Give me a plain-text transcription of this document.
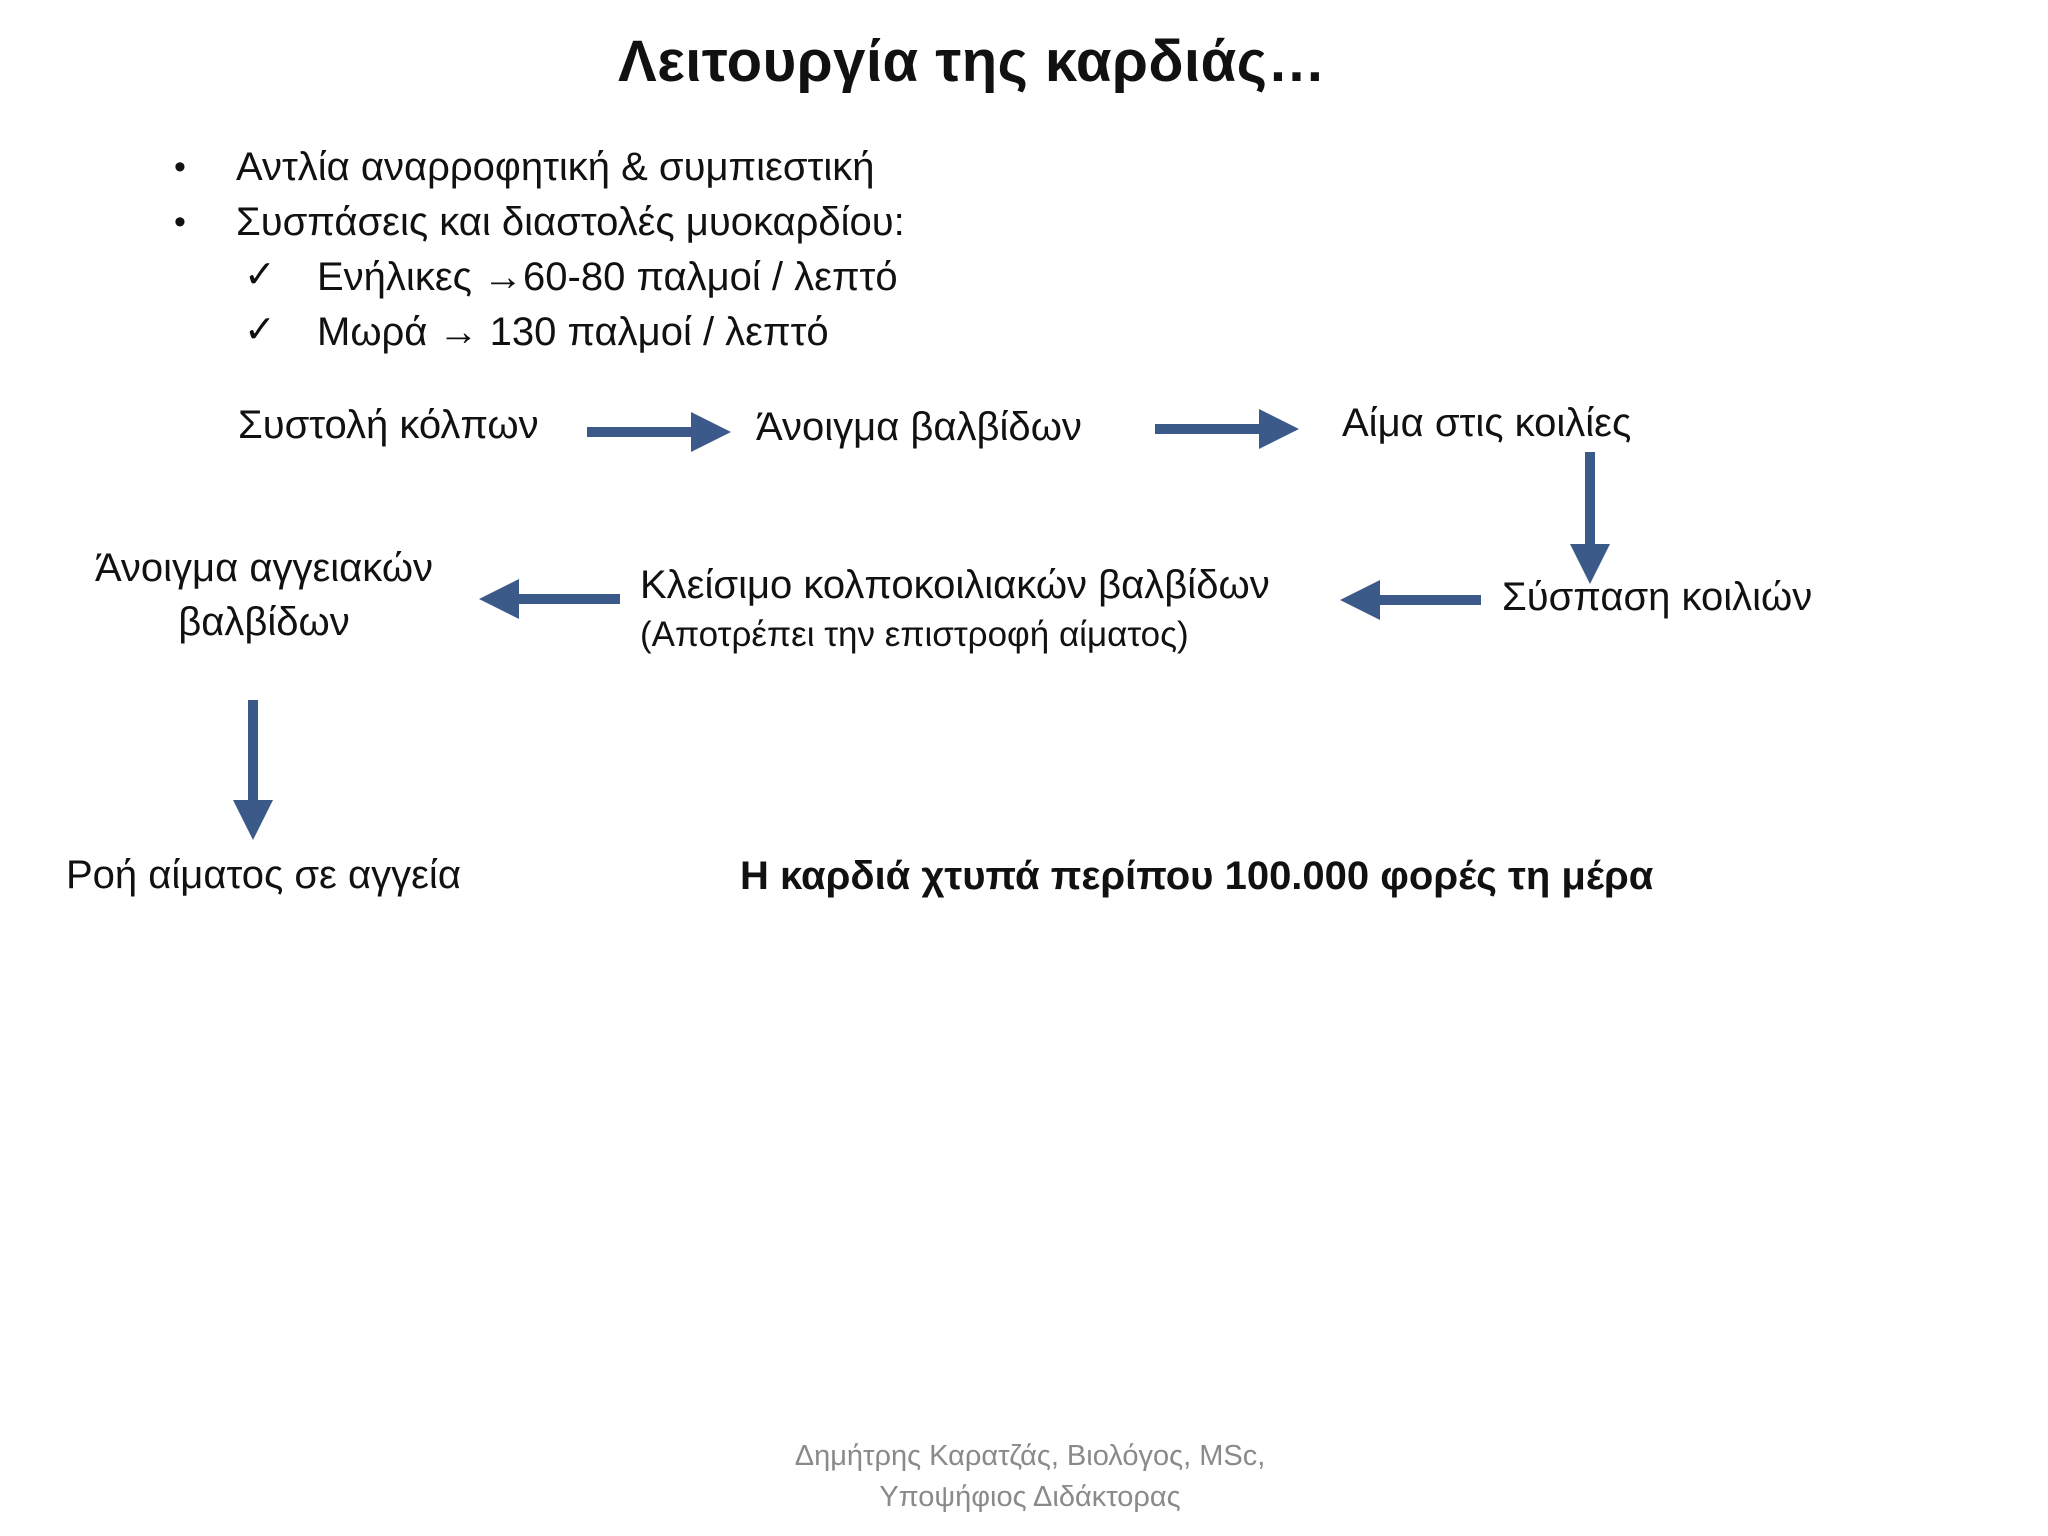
Λειτουργία της καρδιάς…
• Αντλία αναρροφητική & συμπιεστική
• Συσπάσεις και διαστολές μυοκαρδίου:
✓ Ενήλικες →60-80 παλμοί / λεπτό
✓ Μωρά → 130 παλμοί / λεπτό
Συστολή κόλπων	Άνοιγμα βαλβίδων	Αίμα στις κοιλίες
Σύσπαση κοιλιών
Κλείσιμο κολποκοιλιακών βαλβίδων
(Αποτρέπει την επιστροφή αίματος)
Άνοιγμα αγγειακών
βαλβίδων
Ροή αίματος σε αγγεία	Η καρδιά χτυπά περίπου 100.000 φορές τη μέρα
Δημήτρης Καρατζάς, Βιολόγος, MSc,
Υποψήφιος Διδάκτορας
